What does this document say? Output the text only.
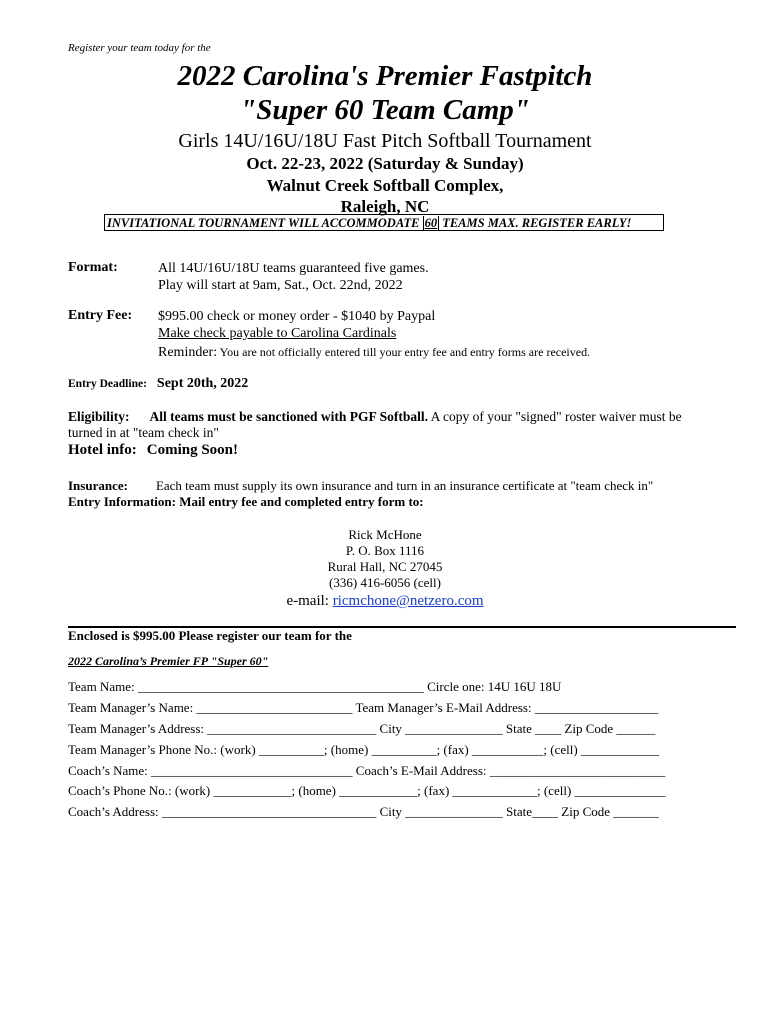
Register your team today for the
2022 Carolina's Premier Fastpitch
"Super 60 Team Camp"
Girls 14U/16U/18U Fast Pitch Softball Tournament
Oct. 22-23, 2022 (Saturday & Sunday)
Walnut Creek Softball Complex,
Raleigh, NC
INVITATIONAL TOURNAMENT WILL ACCOMMODATE 60 TEAMS MAX. REGISTER EARLY!
Format:	All 14U/16U/18U teams guaranteed five games.
Play will start at 9am, Sat., Oct. 22nd, 2022
Entry Fee: $995.00 check or money order - $1040 by Paypal
Make check payable to Carolina Cardinals
Reminder: You are not officially entered till your entry fee and entry forms are received.
Entry Deadline: Sept 20th, 2022
Eligibility: All teams must be sanctioned with PGF Softball. A copy of your "signed" roster waiver must be
turned in at "team check in"
Hotel info: Coming Soon!
Insurance: Each team must supply its own insurance and turn in an insurance certificate at "team check in"
Entry Information: Mail entry fee and completed entry form to:
Rick McHone
P. O. Box 1116
Rural Hall, NC 27045
(336) 416-6056 (cell)
e-mail: ricmchone@netzero.com
Enclosed is $995.00 Please register our team for the
2022 Carolina’s Premier FP "Super 60"
Team Name: ____________________________________________ Circle one: 14U 16U 18U
Team Manager’s Name: ________________________ Team Manager’s E-Mail Address: ___________________
Team Manager’s Address: __________________________ City _______________ State ____ Zip Code ______
Team Manager’s Phone No.: (work) __________; (home) __________; (fax) ___________; (cell) ____________
Coach’s Name: _______________________________ Coach’s E-Mail Address: ___________________________
Coach’s Phone No.: (work) ____________; (home) ____________; (fax) _____________; (cell) ______________
Coach’s Address: _________________________________ City _______________ State____ Zip Code _______
